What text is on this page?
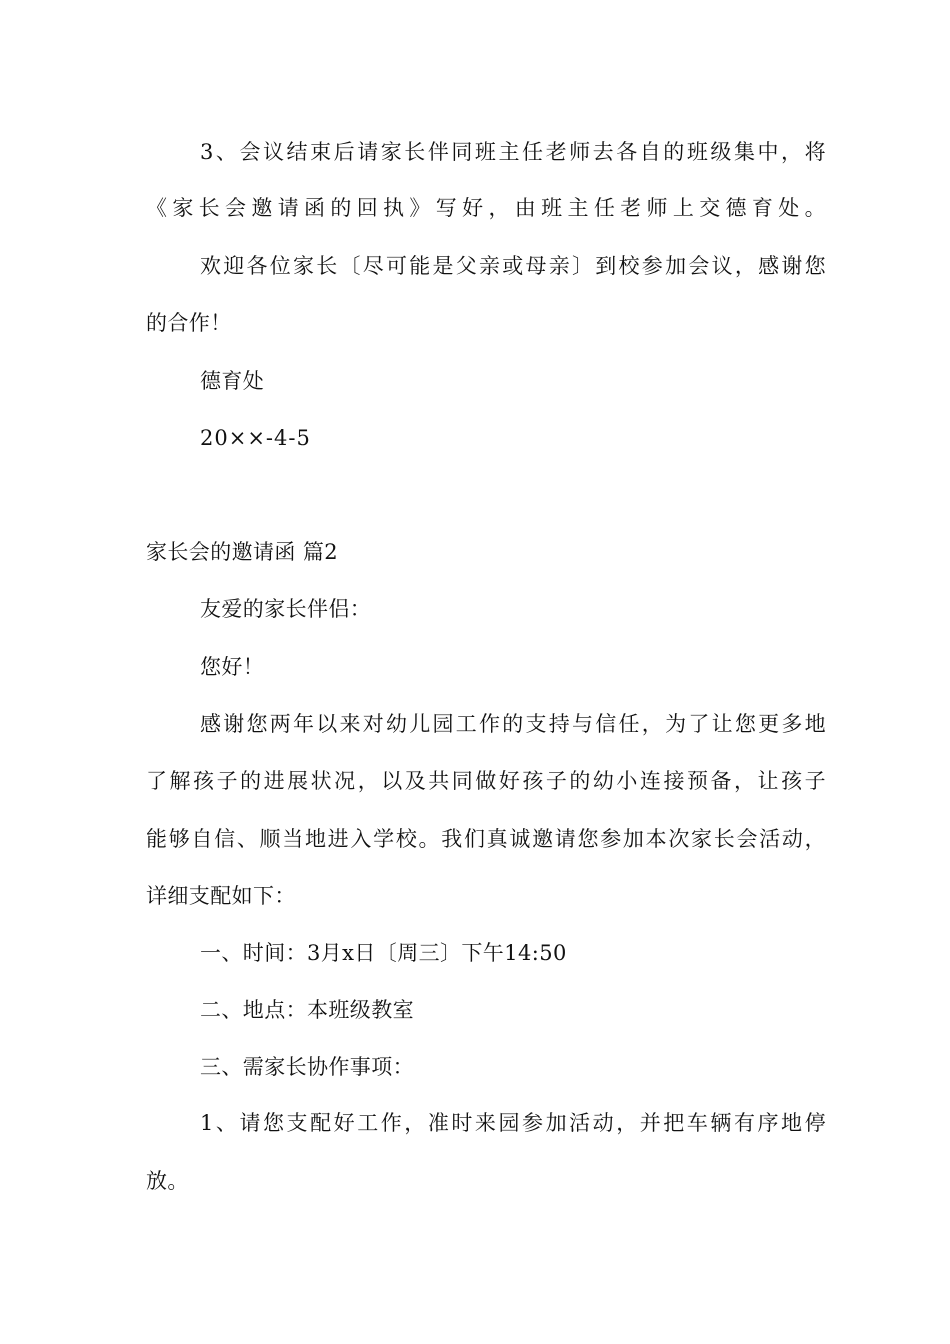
3、会议结束后请家长伴同班主任老师去各自的班级集中，将
《家长会邀请函的回执》写好，由班主任老师上交德育处。
欢迎各位家长〔尽可能是父亲或母亲〕到校参加会议，感谢您
的合作！
德育处
20××-4-5
家长会的邀请函 篇2
友爱的家长伴侣：
您好！
感谢您两年以来对幼儿园工作的支持与信任，为了让您更多地
了解孩子的进展状况，以及共同做好孩子的幼小连接预备，让孩子
能够自信、顺当地进入学校。我们真诚邀请您参加本次家长会活动，
详细支配如下：
一、时间：3月x日〔周三〕下午14:50
二、地点：本班级教室
三、需家长协作事项：
1、请您支配好工作，准时来园参加活动，并把车辆有序地停
放。
